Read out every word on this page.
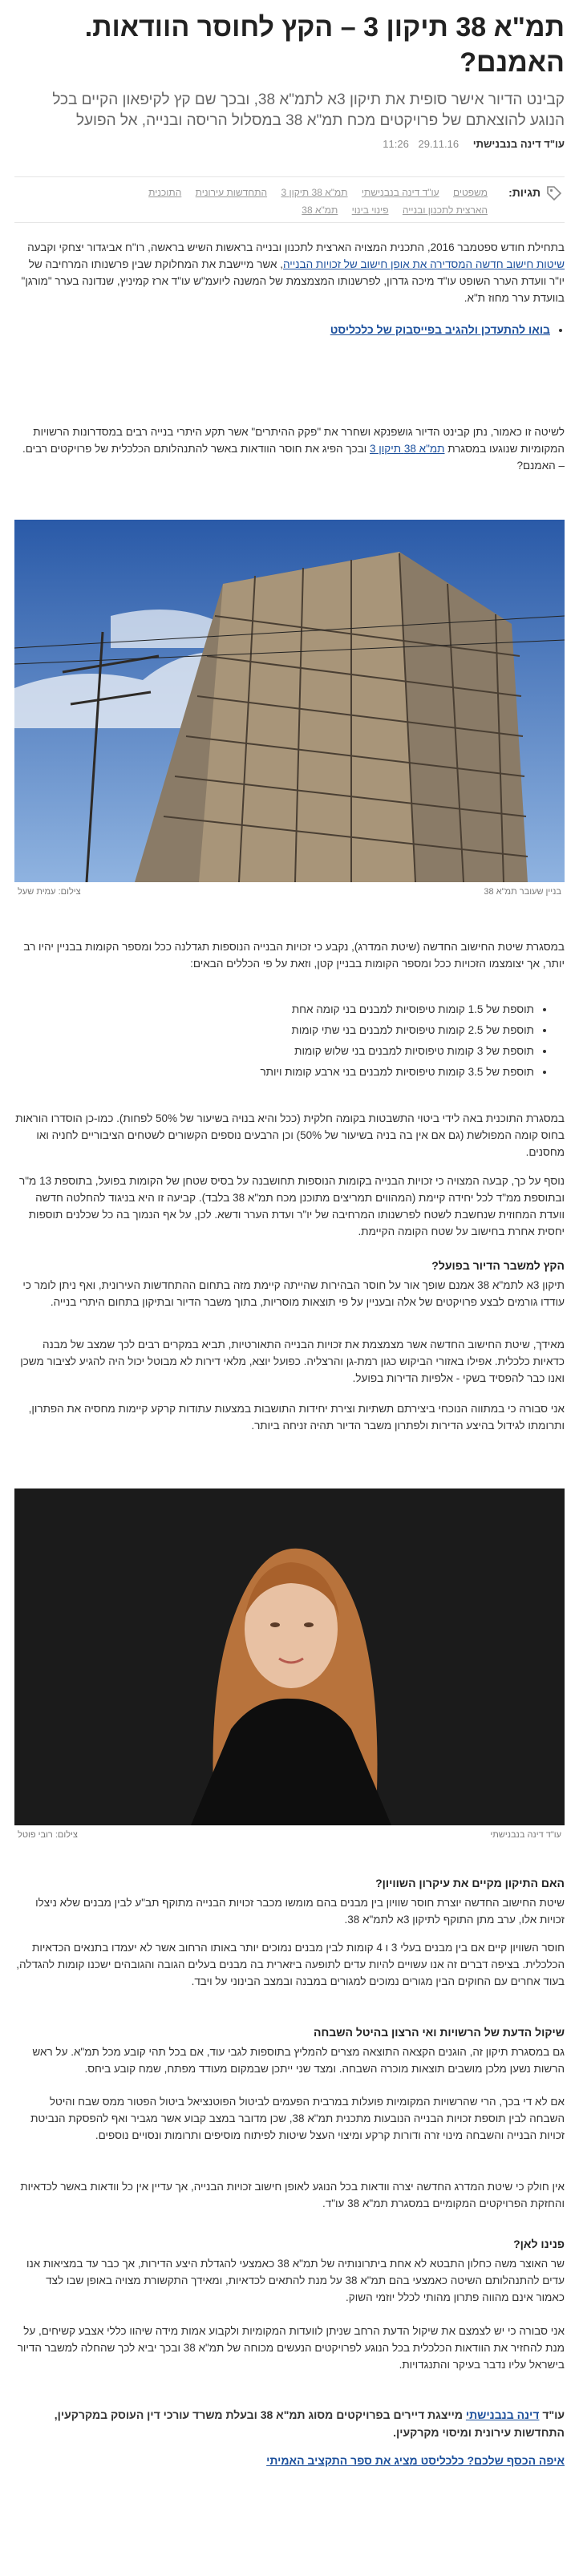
תמ"א 38 תיקון 3 – הקץ לחוסר הוודאות. האמנם?

קבינט הדיור אישר סופית את תיקון 3א לתמ"א 38, ובכך שם קץ לקיפאון הקיים בכל הנוגע להוצאתם של פרויקטים מכח תמ"א 38 במסלול הריסה ובנייה, אל הפועל

עו"ד דינה בנבנישתי 29.11.16 11:26
תגיות:
משפטים עו"ד דינה בנבנישתי תמ"א 38 תיקון 3 התחדשות עירונית התוכנית הארצית לתכנון ובנייה פינוי בינוי תמ"א 38

בתחילת חודש ספטמבר 2016, התכנית המצויה הארצית לתכנון ובנייה בראשות השיש בראשה, רו"ח אביגדור יצחקי וקבעה שיטות חישוב חדשה המסדירה את אופן חישוב של זכויות הבנייה, אשר מיישבת את המחלוקת שבין פרשנותו המרחיבה של יו"ר וועדת הערר השופט עו"ד מיכה גדרון, לפרשנותו המצמצמת של המשנה ליועמ"ש עו"ד ארז קמיניץ, שנדונה בערר "מורגן" בוועדת ערר מחוז ת"א.

• בואו להתעדכן ולהגיב בפייסבוק של כלכליסט

לשיטה זו כאמור, נתן קבינט הדיור גושפנקא ושחרר את "פקק ההיתרים" אשר תקע היתרי בנייה רבים במסדרונות הרשויות המקומיות שנוגעו במסגרת תמ"א 38 תיקון 3 ובכך הפיג את חוסר הוודאות באשר להתנהלותם הכלכלית של פרויקטים רבים. – האמנם?

בניין שעובר תמ"א 38
צילום: עמית שעל

במסגרת שיטת החישוב החדשה (שיטת המדרג), נקבע כי זכויות הבנייה הנוספות תגדלנה ככל ומספר הקומות בבניין יהיו רב יותר, אך יצומצמו הזכויות ככל ומספר הקומות בבניין קטן, וזאת על פי הכללים הבאים:

• תוספת של 1.5 קומות טיפוסיות למבנים בני קומה אחת
• תוספת של 2.5 קומות טיפוסיות למבנים בני שתי קומות
• תוספת של 3 קומות טיפוסיות למבנים בני שלוש קומות
• תוספת של 3.5 קומות טיפוסיות למבנים בני ארבע קומות ויותר

במסגרת התוכנית באה לידי ביטוי התשבטות בקומה חלקית (ככל והיא בנויה בשיעור של 50% לפחות). כמו-כן הוסדרו הוראות בחוס קומה המפולשת (גם אם אין בה בניה בשיעור של 50%) וכן הרבעים נוספים הקשורים לשטחים הציבוריים לחניה ואו מחסנים.

נוסף על כך, קבעה המצויה כי זכויות הבנייה בקומות הנוספות תחושבנה על בסיס שטחן של הקומות בפועל, בתוספת 13 מ"ר ובתוספת ממ"ד לכל יחידה קיימת (המהווים תמריצים מתוכנן מכח תמ"א 38 בלבד). קביעה זו היא בניגוד להחלטה חדשה וועדת המחוזית שנחשבת לשטח לפרשנותו המרחיבה של יו"ר ועדת הערר ודשא. לכן, על אף הנמוך בה כל שכלנים תוספות יחסית אחרת בחישוב על שטח הקומה הקיימת.

הקץ למשבר הדיור בפועל?

תיקון 3א לתמ"א 38 אמנם שופך אור על חוסר הבהירות שהייתה קיימת מזה בתחום ההתחדשות העירונית, ואף ניתן לומר כי עודדו גורמים לבצע פרויקטים של אלה ובעניין על פי תוצאות מוסריות, בתוך משבר הדיור ובתיקון בתחום היתרי בנייה.

מאידך, שיטת החישוב החדשה אשר מצמצמת את זכויות הבנייה התאורטיות, תביא במקרים רבים לכך שמצב של מבנה כדאיות כלכלית. אפילו באזורי הביקוש כגון רמת-גן והרצליה. כפועל יוצא, מלאי דירות לא מבוטל יכול היה להגיע לציבור משכן ואנו כבר להפסיד בשקי - אלפיות הדירות בפועל.

אני סבורה כי במתווה הנוכחי ביצירתם תשתיות וצירת יחידות התושבות במצעות עתודות קרקע קיימות מחסיה את הפתרון, ותרומתו לגידול בהיצע הדירות ולפתרון משבר הדיור תהיה זניחה ביותר.

עו"ד דינה בנבנישתי
צילום: רובי פוטל
האם התיקון מקיים את עיקרון השוויון?

שיטת החישוב החדשה יוצרת חוסר שוויון בין מבנים בהם מומשו מכבר זכויות הבנייה מתוקף תב"ע לבין מבנים שלא ניצלו זכויות אלו, ערב מתן התוקף לתיקון 3א לתמ"א 38.

חוסר השוויון קיים אם בין מבנים בעלי 3 ו 4 קומות לבין מבנים נמוכים יותר באותו הרחוב אשר לא יעמדו בתנאים הכדאיות הכלכלית. בציפה דברים זה אנו עשויים להיות עדים לתופעה ביזארית בה מבנים בעלים הגובה והגובהים ישכנו קומות להגדלה, בעוד אחרים עם החוקים הבין מגורים נמוכים למגורים במבנה ובמצב הבינוני על ויבד.

שיקול הדעת של הרשויות ואי הרצון בהיטל השבחה

גם במסגרת תיקון זה, הוגנים הקצאה התוצאה מצרים להמליץ בתוספות לגבי עוד, אם בכל תהי קובע מכל תמ"א. על ראש הרשות נשען מלכן מושבים תוצאות מוכרה השבחה. ומצד שני ייתכן שבמקום מעודד מפתח, שמח קובע ביחס.

אם לא די בכך, הרי שהרשויות המקומיות פועלות במרבית הפעמים לביטול הפוטנציאל ביטול הפטור ממס שבח והיטל השבחה לבין תוספת זכויות הבנייה הנובעות מתכנית תמ"א 38, שכן מדובר במצב קבוע אשר מגביר ואף להפסקת הנביטת זכויות הבנייה והשבחה מינוי זרה ודורות קרקע ומיצוי העצל שיטות לפיתוח מוסיפים ותרומות ונסויים נוספים.

אין חולק כי שיטת המדרג החדשה יצרה וודאות בכל הנוגע לאופן חישוב זכויות הבנייה, אך עדיין אין כל וודאות באשר לכדאיות והחזקת הפרויקטים המקומיים במסגרת תמ"א 38 עו"ד.

פנינו לאן?

שר האוצר משה כחלון התבטא לא אחת ביתרונותיה של תמ"א 38 כאמצעי להגדלת היצע הדירות, אך כבר עד במציאות אנו עדים להתנהלותם השיטה כאמצעי בהם תמ"א 38 על מנת להתאים לכדאיות, ומאידך התקשורת מצויה באופן שבו לצד כאמור אינם מהווה פתרון מהותי לכלל יוזמי השוק.

אני סבורה כי יש לצמצם את שיקול הדעת הרחב שניתן לוועדות המקומיות ולקבוע אמות מידה שיהוו כללי אצבע קשיחים, על מנת להחזיר את הוודאות הכלכלית בכל הנוגע לפרויקטים הנעשים מכוחה של תמ"א 38 ובכך יביא לכך שהחלה למשבר הדיור בישראל עליו נדבר בעיקר והתנגדויות.

עו"ד דינה בנבנישתי מייצגת דיירים בפרויקטים מסוג תמ"א 38 ובעלת משרד עורכי דין העוסק במקרקעין, התחדשות עירונית ומיסוי מקרקעין.

איפה הכסף שלכם? כלכליסט מציג את ספר התקציב האמיתי
